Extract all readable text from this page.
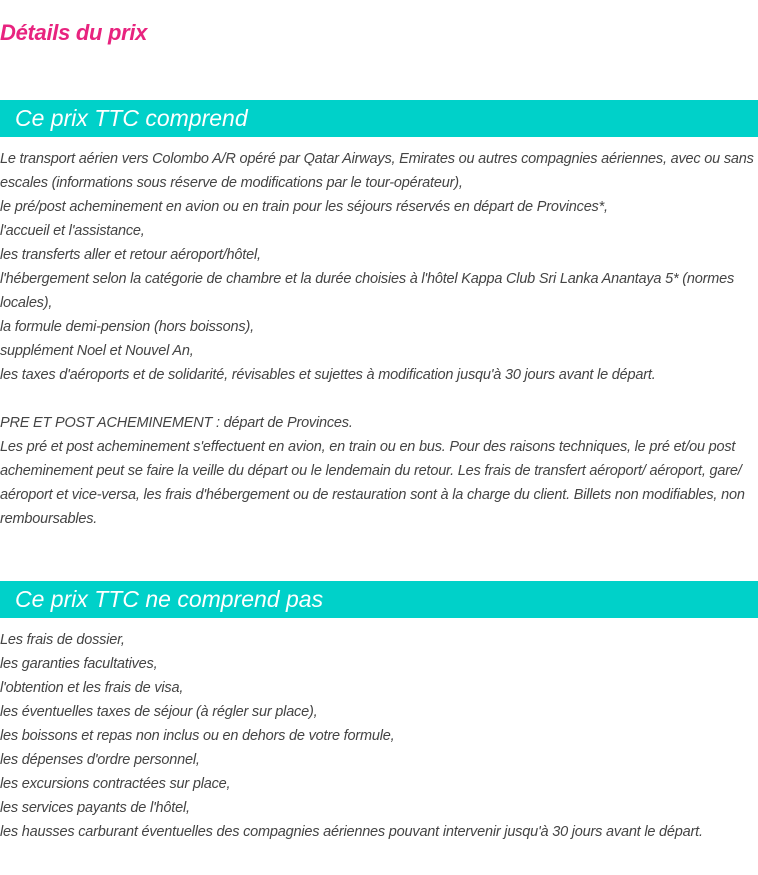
Détails du prix
Ce prix TTC comprend

Le transport aérien vers Colombo A/R opéré par Qatar Airways, Emirates ou autres compagnies aériennes, avec ou sans escales (informations sous réserve de modifications par le tour-opérateur),

le pré/post acheminement en avion ou en train pour les séjours réservés en départ de Provinces*,

l'accueil et l'assistance,

les transferts aller et retour aéroport/hôtel,

l'hébergement selon la catégorie de chambre et la durée choisies à l'hôtel Kappa Club Sri Lanka Anantaya 5* (normes locales),

la formule demi-pension (hors boissons),

supplément Noel et Nouvel An,

les taxes d'aéroports et de solidarité, révisables et sujettes à modification jusqu'à 30 jours avant le départ.

PRE ET POST ACHEMINEMENT : départ de Provinces.

Les pré et post acheminement s'effectuent en avion, en train ou en bus. Pour des raisons techniques, le pré et/ou post acheminement peut se faire la veille du départ ou le lendemain du retour. Les frais de transfert aéroport/ aéroport, gare/ aéroport et vice-versa, les frais d'hébergement ou de restauration sont à la charge du client. Billets non modifiables, non remboursables.

Ce prix TTC ne comprend pas

Les frais de dossier,

les garanties facultatives,

l'obtention et les frais de visa,

les éventuelles taxes de séjour (à régler sur place),

les boissons et repas non inclus ou en dehors de votre formule,

les dépenses d'ordre personnel,

les excursions contractées sur place,

les services payants de l'hôtel,

les hausses carburant éventuelles des compagnies aériennes pouvant intervenir jusqu'à 30 jours avant le départ.
